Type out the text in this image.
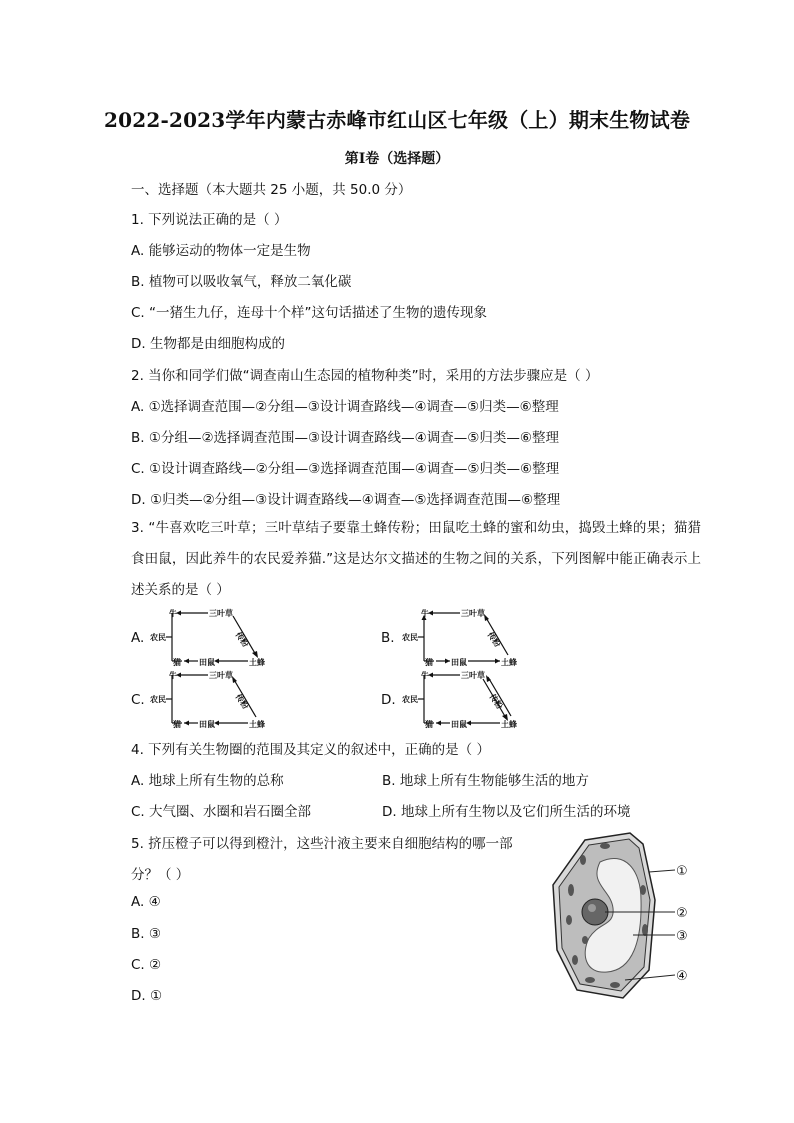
2022-2023学年内蒙古赤峰市红山区七年级（上）期末生物试卷
第Ⅰ卷（选择题）
一、选择题（本大题共 25 小题，共 50.0 分）
1. 下列说法正确的是（ ）
A. 能够运动的物体一定是生物
B. 植物可以吸收氧气，释放二氧化碳
C. “一猪生九仔，连母十个样”这句话描述了生物的遗传现象
D. 生物都是由细胞构成的
2. 当你和同学们做“调查南山生态园的植物种类”时，采用的方法步骤应是（ ）
A. ①选择调查范围—②分组—③设计调查路线—④调查—⑤归类—⑥整理
B. ①分组—②选择调查范围—③设计调查路线—④调查—⑤归类—⑥整理
C. ①设计调查路线—②分组—③选择调查范围—④调查—⑤归类—⑥整理
D. ①归类—②分组—③设计调查路线—④调查—⑤选择调查范围—⑥整理
3. “牛喜欢吃三叶草；三叶草结子要靠土蜂传粉；田鼠吃土蜂的蜜和幼虫，捣毁土蜂的果；猫猎食田鼠，因此养牛的农民爱养猫.”这是达尔文描述的生物之间的关系，下列图解中能正确表示上述关系的是（ ）
A.	B.
C.	D.
牛	三叶草
农民	传粉
猫 田鼠	土蜂
牛	三叶草
农民	传粉
猫 田鼠	土蜂
牛	三叶草
农民	传粉
猫 田鼠	土蜂
牛	三叶草
农民	传粉
猫 田鼠	土蜂
4. 下列有关生物圈的范围及其定义的叙述中，正确的是（ ）
A. 地球上所有生物的总称	B. 地球上所有生物能够生活的地方
C. 大气圈、水圈和岩石圈全部	D. 地球上所有生物以及它们所生活的环境
5. 挤压橙子可以得到橙汁，这些汁液主要来自细胞结构的哪一部
分？（ ）
A. ④
B. ③
C. ②
D. ①
①
②
③
④
